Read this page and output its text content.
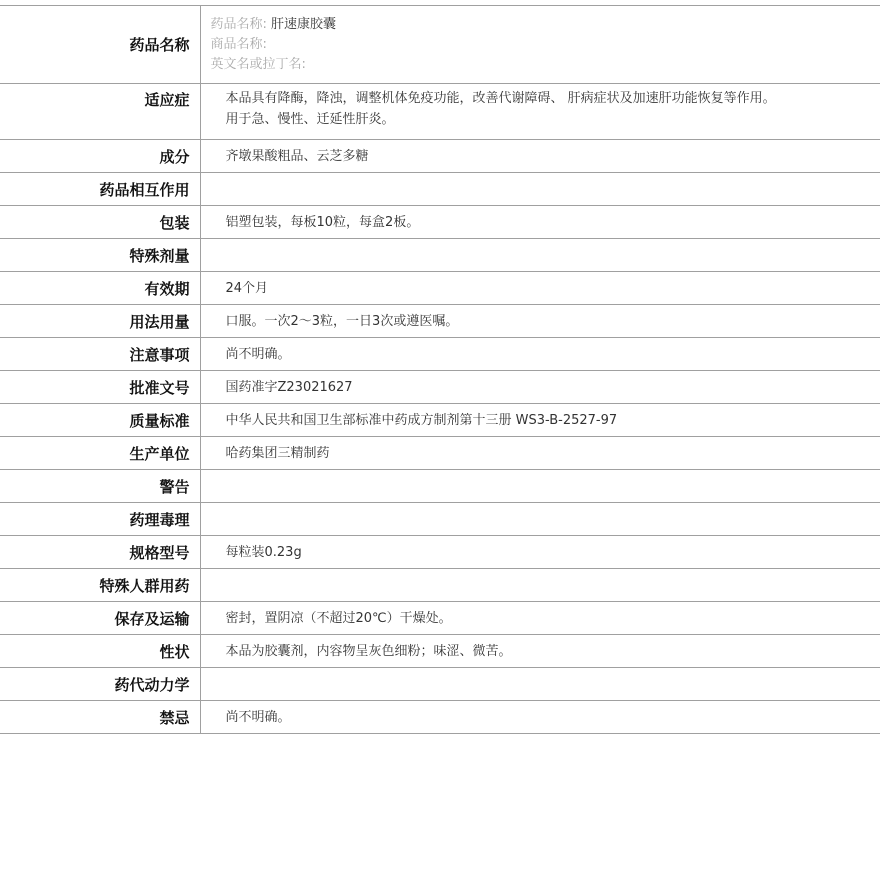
药品名称	药品名称: 肝速康胶囊
商品名称:
英文名或拉丁名:

适应症	本品具有降酶，降浊，调整机体免疫功能，改善代谢障碍、 肝病症状及加速肝功能恢复等作用。用于急、慢性、迁延性肝炎。

成分	齐墩果酸粗品、云芝多糖
药品相互作用	
包装	铝塑包装，每板10粒，每盒2板。
特殊剂量	
有效期	24个月
用法用量	口服。一次2～3粒，一日3次或遵医嘱。
注意事项	尚不明确。
批准文号	国药准字Z23021627
质量标准	中华人民共和国卫生部标准中药成方制剂第十三册 WS3-B-2527-97
生产单位	哈药集团三精制药
警告	
药理毒理	
规格型号	每粒装0.23g
特殊人群用药	
保存及运输	密封，置阴凉（不超过20℃）干燥处。
性状	本品为胶囊剂，内容物呈灰色细粉；味涩、微苦。
药代动力学	
禁忌	尚不明确。
